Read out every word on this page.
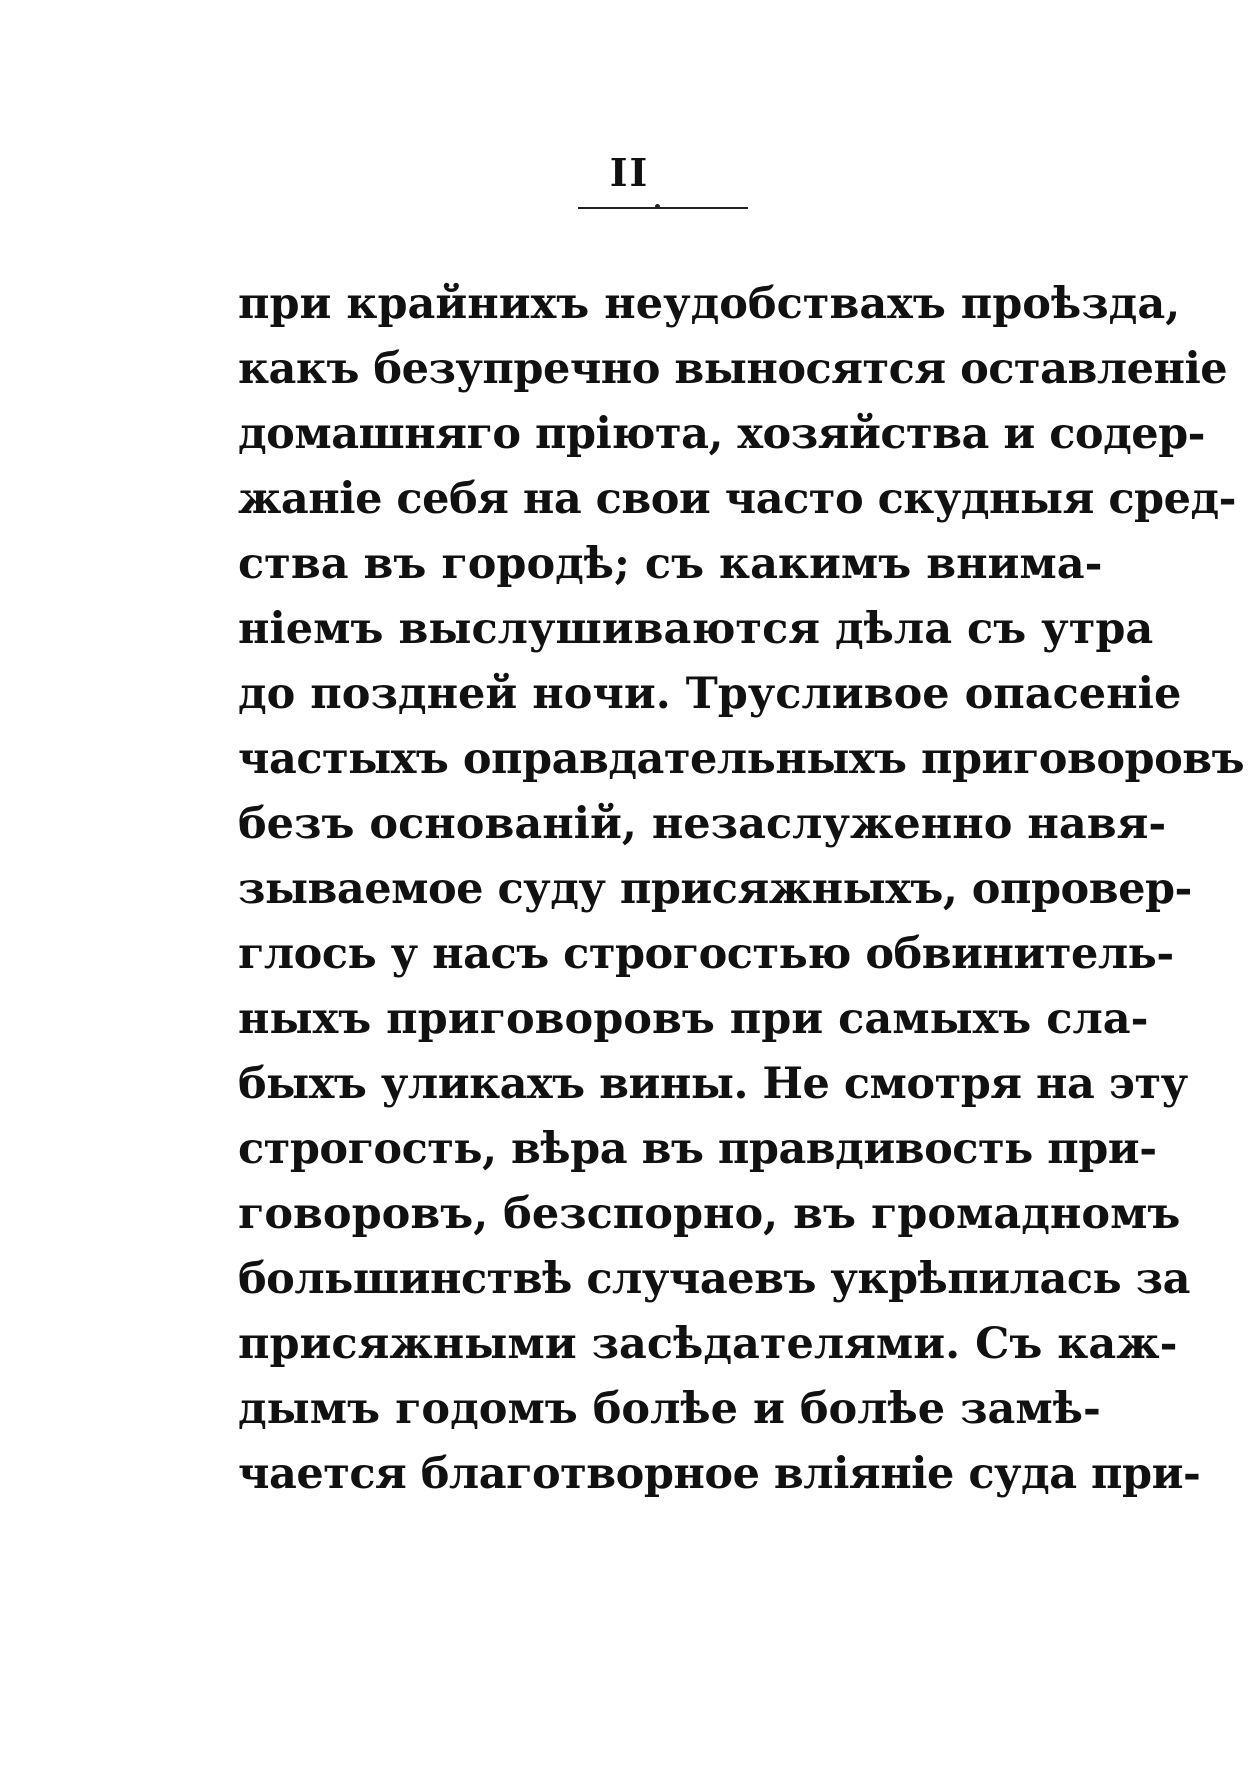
II
при крайнихъ неудобствахъ проѣзда,
какъ безупречно выносятся оставленіе
домашняго пріюта, хозяйства и содер-
жаніе себя на свои часто скудныя сред-
ства въ городѣ; съ какимъ внима-
ніемъ выслушиваются дѣла съ утра
до поздней ночи. Трусливое опасеніе
частыхъ оправдательныхъ приговоровъ
безъ основаній, незаслуженно навя-
зываемое суду присяжныхъ, опровер-
глось у насъ строгостью обвинитель-
ныхъ приговоровъ при самыхъ сла-
быхъ уликахъ вины. Не смотря на эту
строгость, вѣра въ правдивость при-
говоровъ, безспорно, въ громадномъ
большинствѣ случаевъ укрѣпилась за
присяжными засѣдателями. Съ каж-
дымъ годомъ болѣе и болѣе замѣ-
чается благотворное вліяніе суда при-
